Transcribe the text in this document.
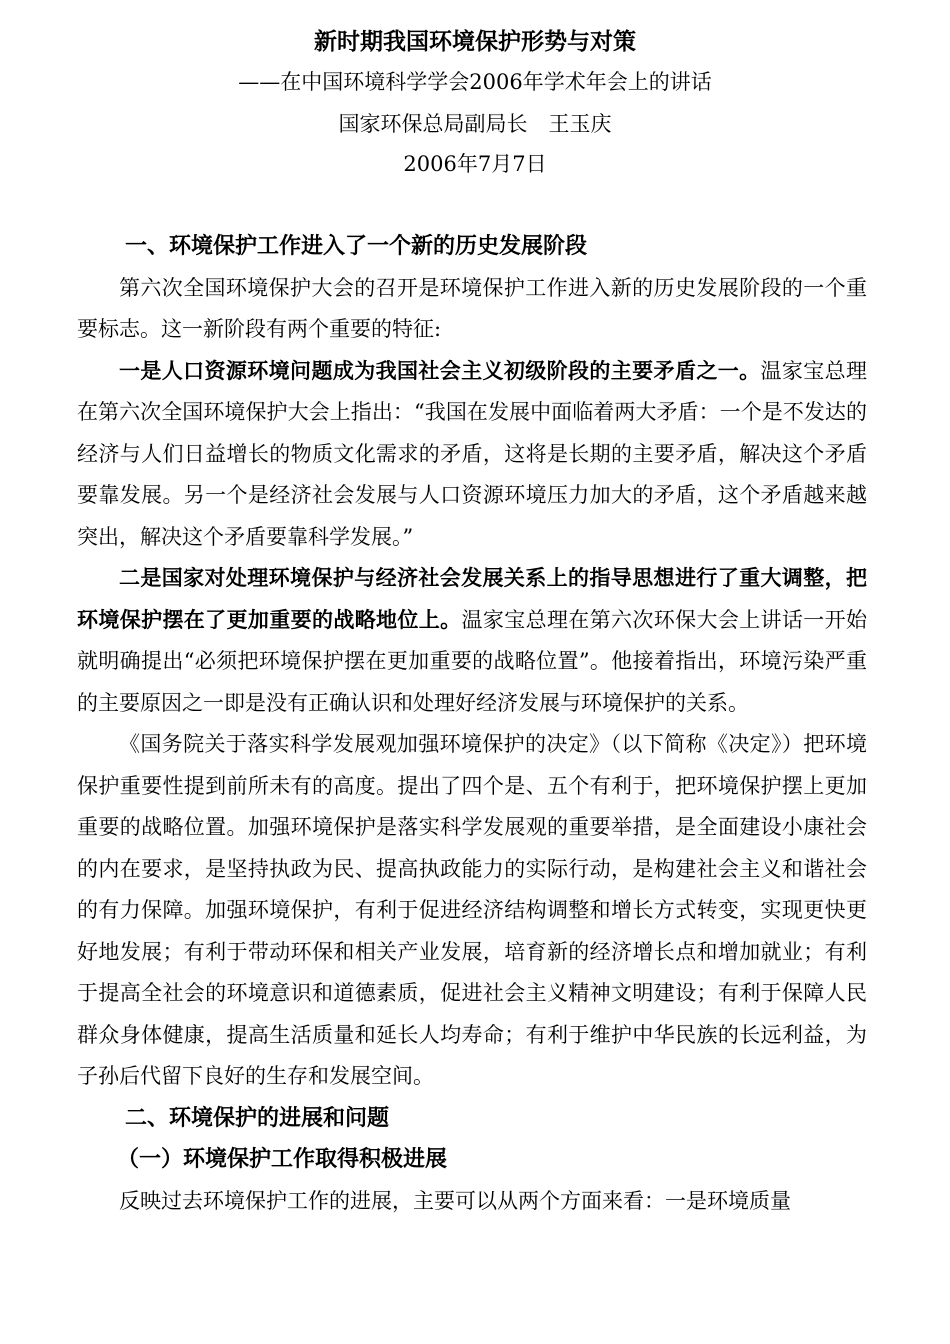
新时期我国环境保护形势与对策
——在中国环境科学学会2006年学术年会上的讲话
国家环保总局副局长　王玉庆
2006年7月7日
一、环境保护工作进入了一个新的历史发展阶段

第六次全国环境保护大会的召开是环境保护工作进入新的历史发展阶段的一个重要标志。这一新阶段有两个重要的特征:

一是人口资源环境问题成为我国社会主义初级阶段的主要矛盾之一。温家宝总理在第六次全国环境保护大会上指出：“我国在发展中面临着两大矛盾：一个是不发达的经济与人们日益增长的物质文化需求的矛盾，这将是长期的主要矛盾，解决这个矛盾要靠发展。另一个是经济社会发展与人口资源环境压力加大的矛盾，这个矛盾越来越突出，解决这个矛盾要靠科学发展。”

二是国家对处理环境保护与经济社会发展关系上的指导思想进行了重大调整，把环境保护摆在了更加重要的战略地位上。温家宝总理在第六次环保大会上讲话一开始就明确提出“必须把环境保护摆在更加重要的战略位置”。他接着指出，环境污染严重的主要原因之一即是没有正确认识和处理好经济发展与环境保护的关系。

《国务院关于落实科学发展观加强环境保护的决定》（以下简称《决定》）把环境保护重要性提到前所未有的高度。提出了四个是、五个有利于，把环境保护摆上更加重要的战略位置。加强环境保护是落实科学发展观的重要举措，是全面建设小康社会的内在要求，是坚持执政为民、提高执政能力的实际行动，是构建社会主义和谐社会的有力保障。加强环境保护，有利于促进经济结构调整和增长方式转变，实现更快更好地发展；有利于带动环保和相关产业发展，培育新的经济增长点和增加就业；有利于提高全社会的环境意识和道德素质，促进社会主义精神文明建设；有利于保障人民群众身体健康，提高生活质量和延长人均寿命；有利于维护中华民族的长远利益，为子孙后代留下良好的生存和发展空间。

二、环境保护的进展和问题
（一）环境保护工作取得积极进展

反映过去环境保护工作的进展，主要可以从两个方面来看：一是环境质量
